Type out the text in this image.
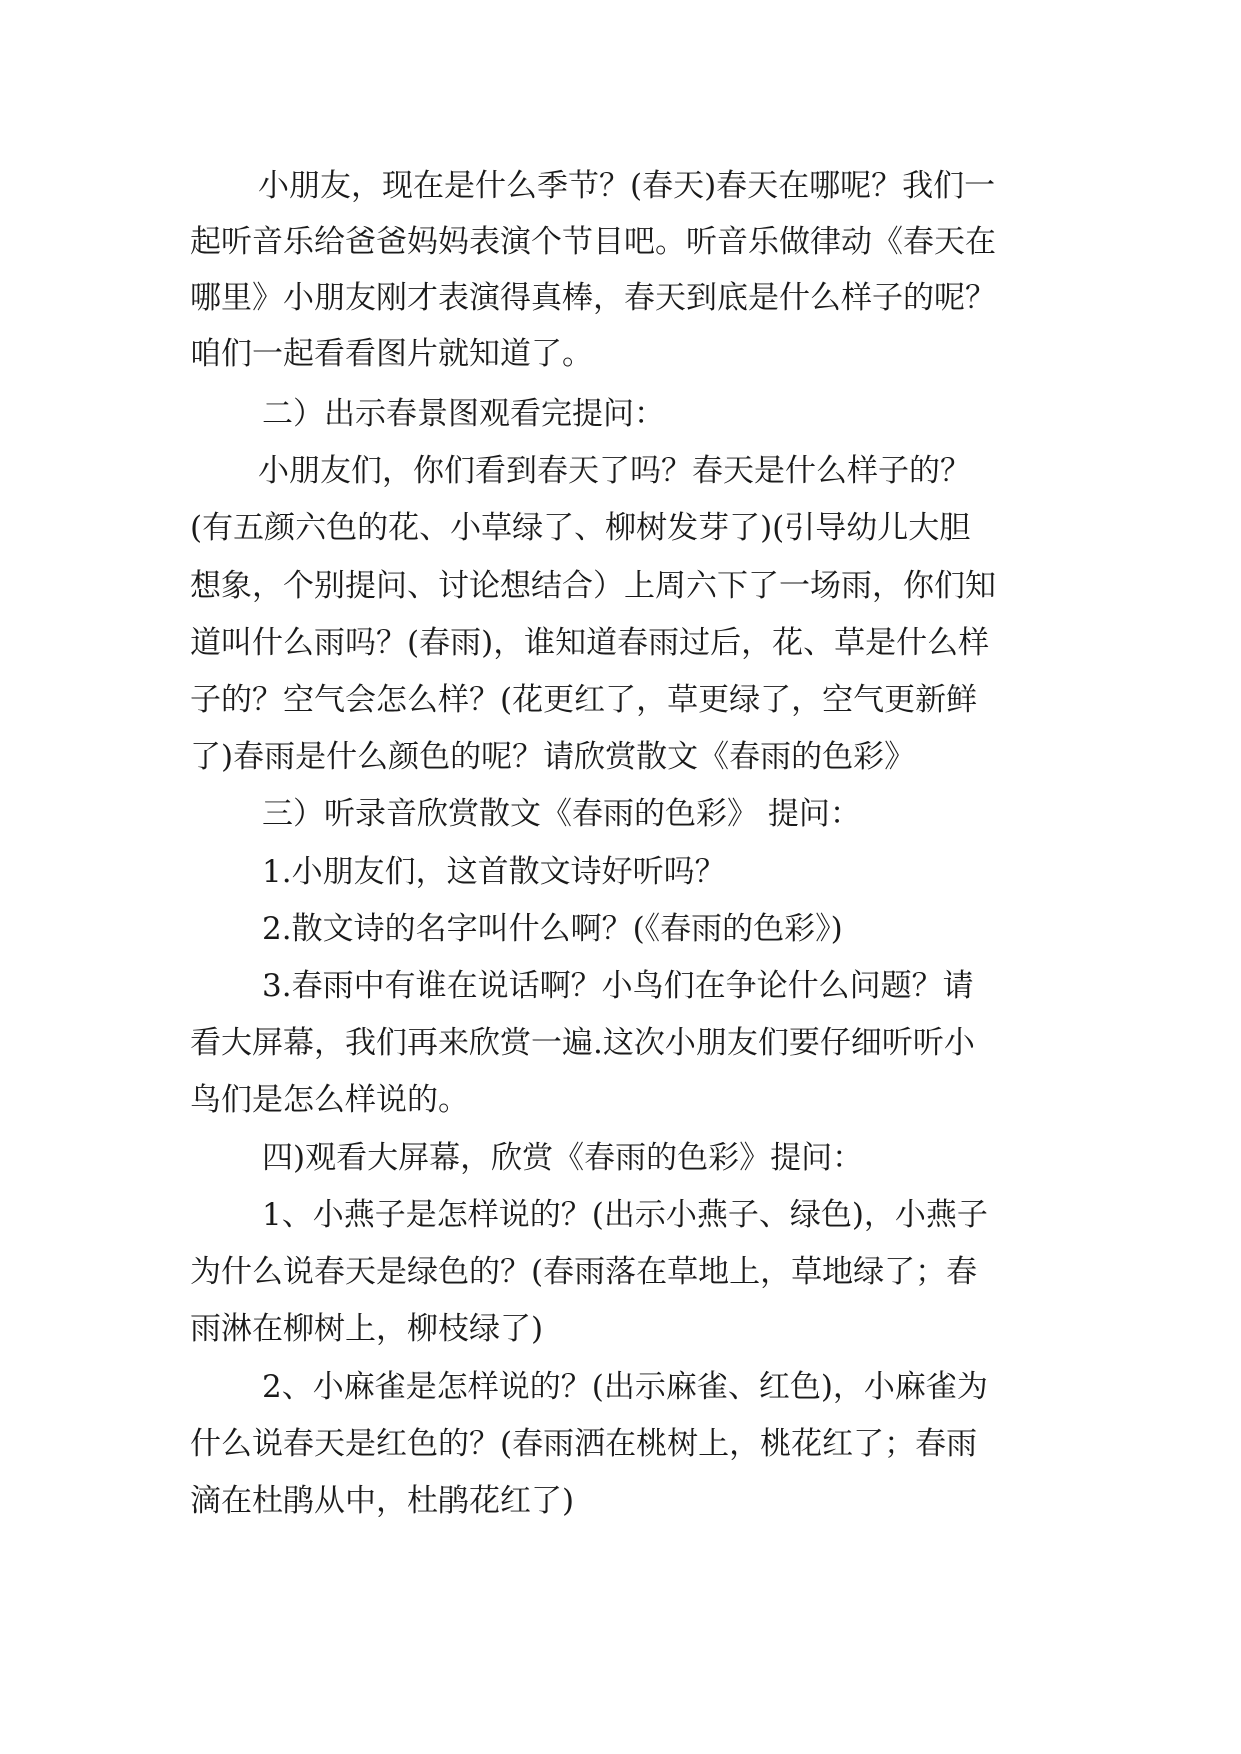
小朋友，现在是什么季节？(春天)春天在哪呢？我们一

起听音乐给爸爸妈妈表演个节目吧。听音乐做律动《春天在

哪里》小朋友刚才表演得真棒，春天到底是什么样子的呢？

咱们一起看看图片就知道了。

二）出示春景图观看完提问：

小朋友们，你们看到春天了吗？春天是什么样子的？

(有五颜六色的花、小草绿了、柳树发芽了)(引导幼儿大胆

想象，个别提问、讨论想结合）上周六下了一场雨，你们知

道叫什么雨吗？(春雨)，谁知道春雨过后，花、草是什么样

子的？空气会怎么样？(花更红了，草更绿了，空气更新鲜

了)春雨是什么颜色的呢？请欣赏散文《春雨的色彩》

三）听录音欣赏散文《春雨的色彩》 提问：

1.小朋友们，这首散文诗好听吗？

2.散文诗的名字叫什么啊？(《春雨的色彩》)

3.春雨中有谁在说话啊？小鸟们在争论什么问题？请

看大屏幕，我们再来欣赏一遍.这次小朋友们要仔细听听小

鸟们是怎么样说的。

四)观看大屏幕，欣赏《春雨的色彩》提问：

1、小燕子是怎样说的？(出示小燕子、绿色)，小燕子

为什么说春天是绿色的？(春雨落在草地上，草地绿了；春

雨淋在柳树上，柳枝绿了)

2、小麻雀是怎样说的？(出示麻雀、红色)，小麻雀为

什么说春天是红色的？(春雨洒在桃树上，桃花红了；春雨

滴在杜鹃从中，杜鹃花红了)
